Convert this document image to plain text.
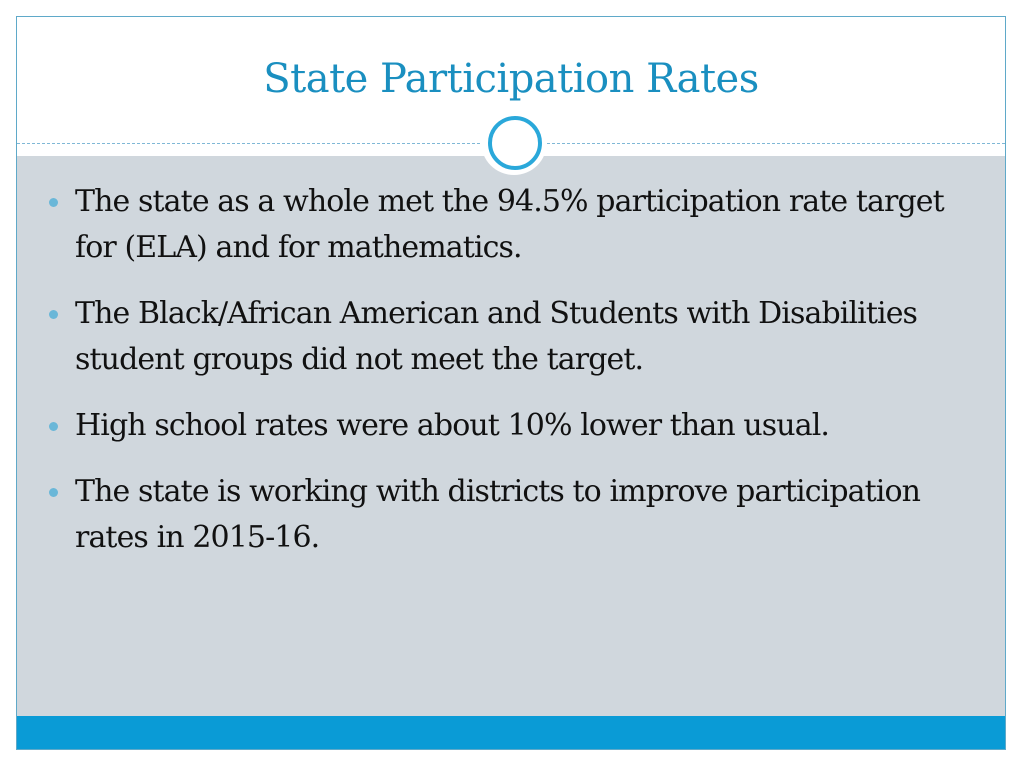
State Participation Rates
The state as a whole met the 94.5% participation rate target for (ELA) and for mathematics.
The Black/African American and Students with Disabilities student groups did not meet the target.
High school rates were about 10% lower than usual.
The state is working with districts to improve participation rates in 2015-16.
